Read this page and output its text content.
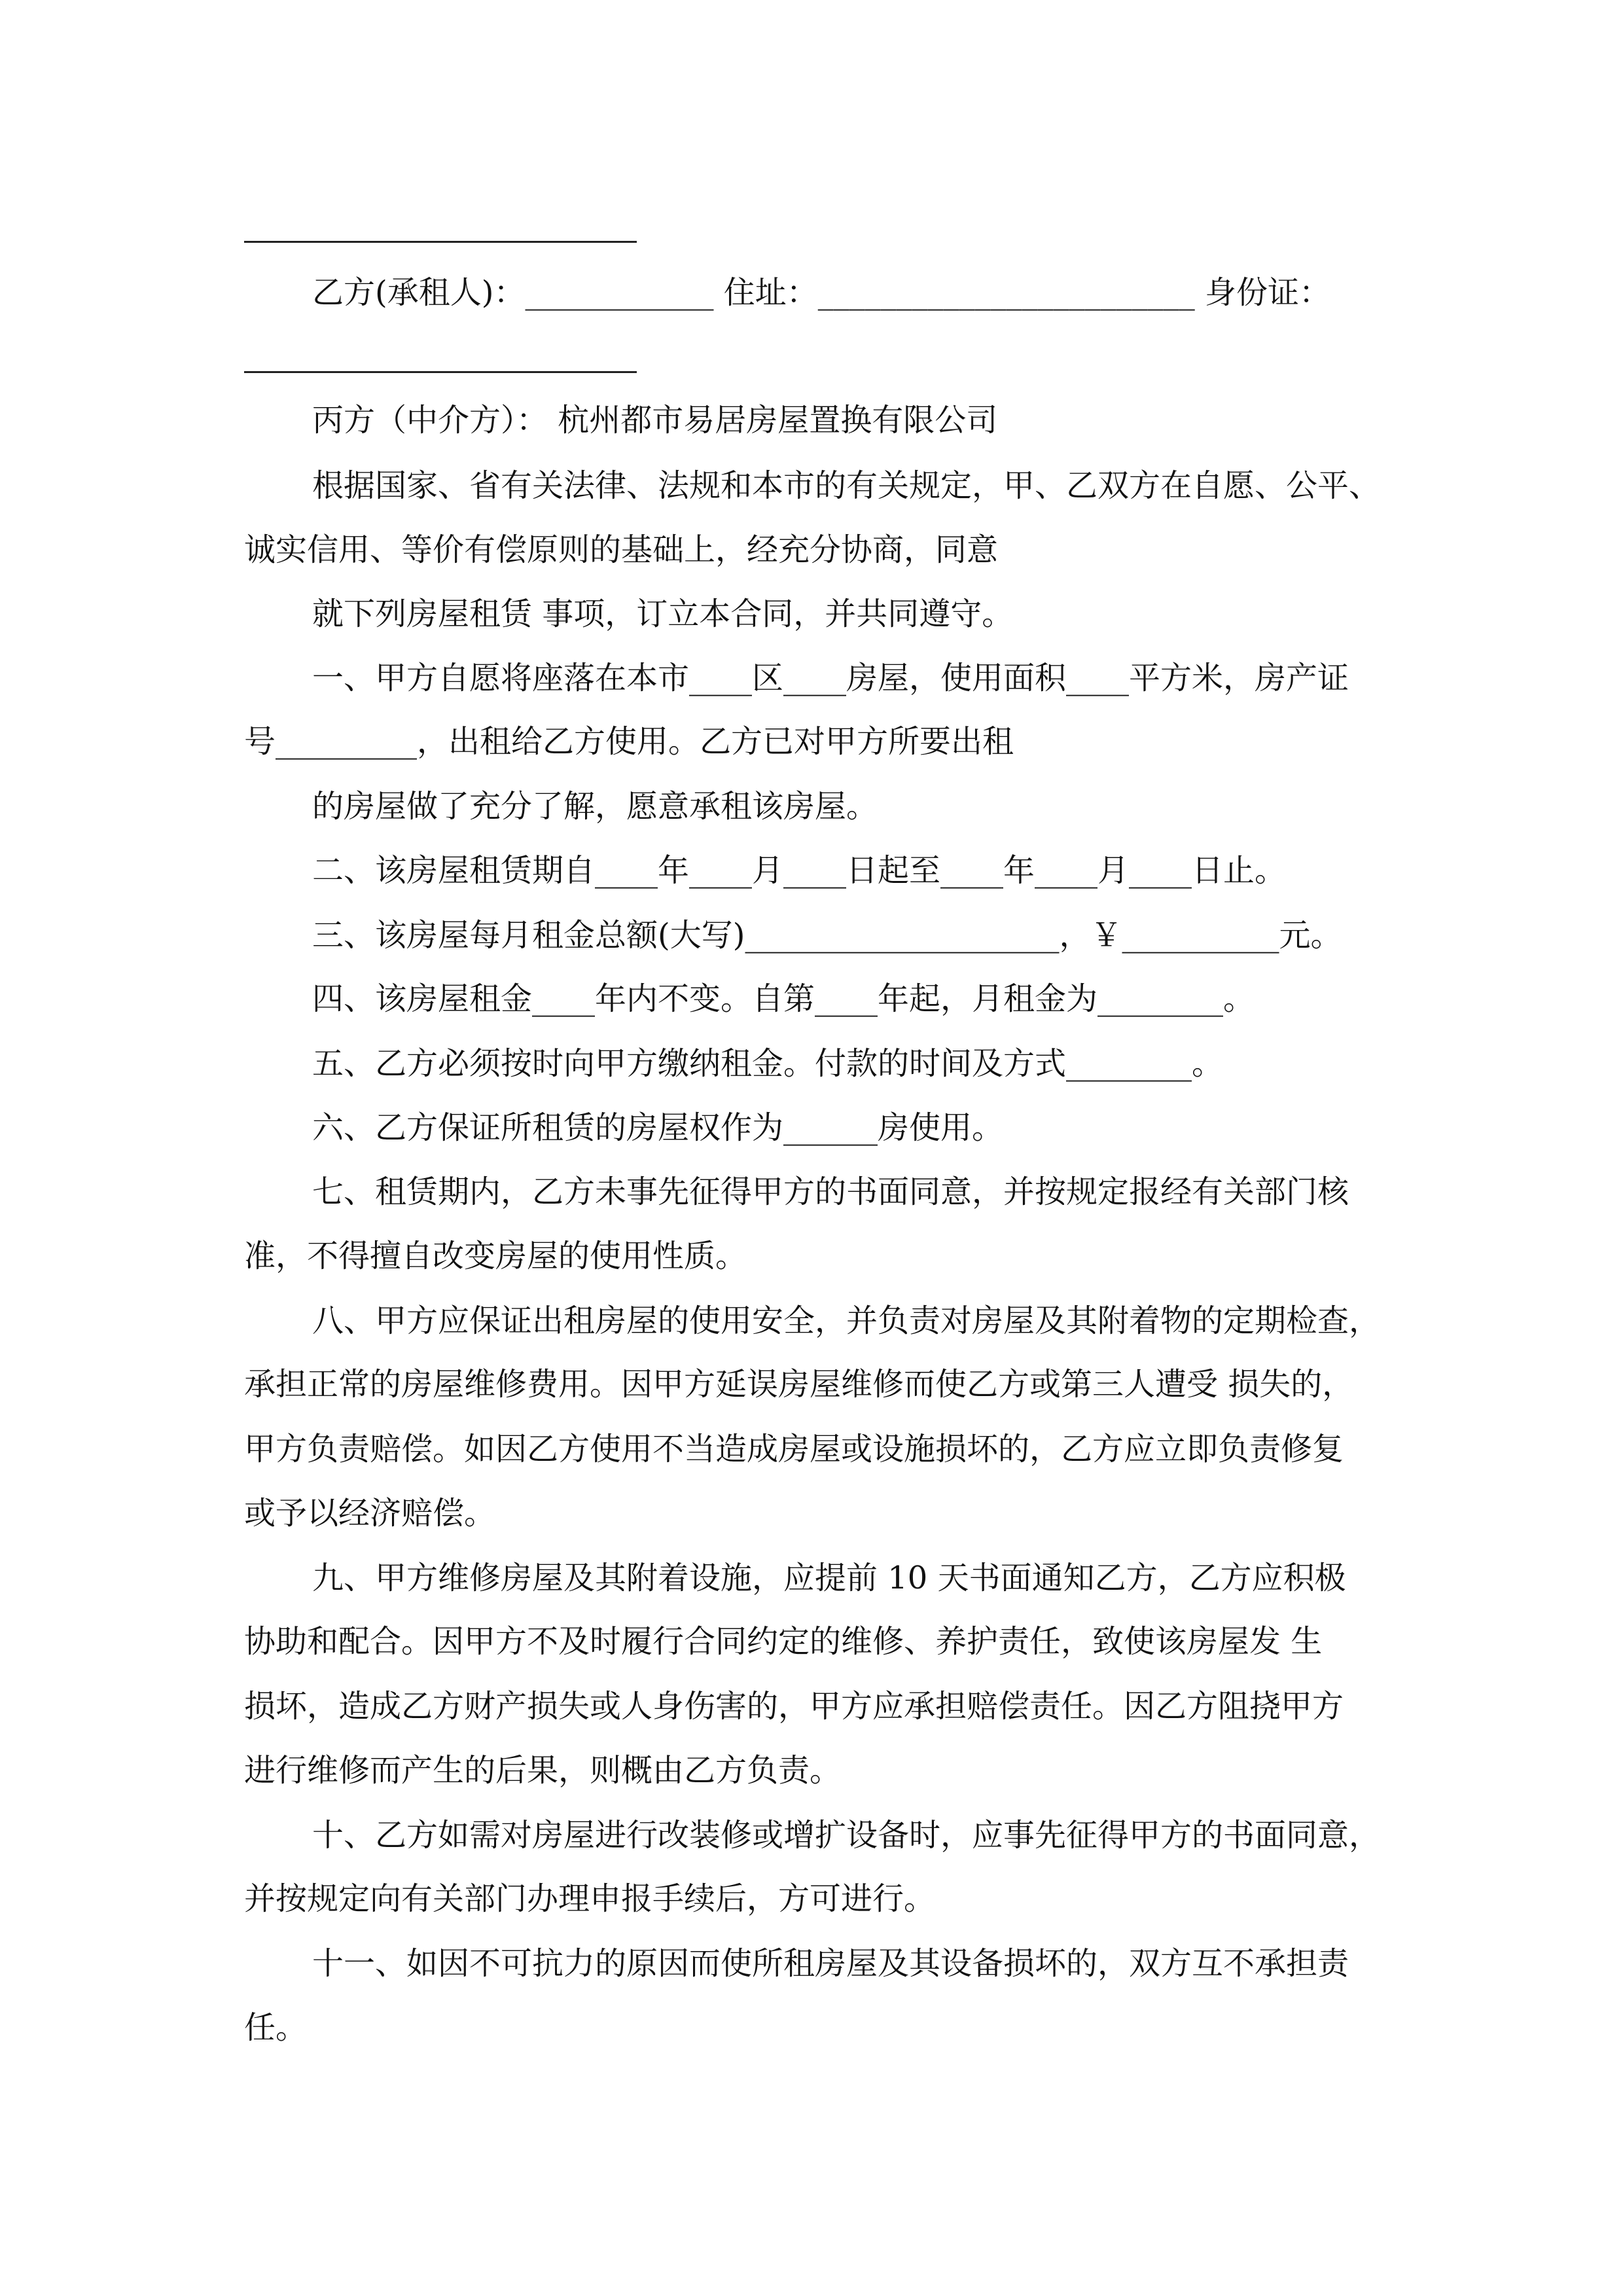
乙方(承租人)：____________ 住址：________________________ 身份证：
丙方（中介方）： 杭州都市易居房屋置换有限公司
根据国家、省有关法律、法规和本市的有关规定，甲、乙双方在自愿、公平、
诚实信用、等价有偿原则的基础上，经充分协商，同意
就下列房屋租赁 事项，订立本合同，并共同遵守。
一、甲方自愿将座落在本市____区____房屋，使用面积____平方米，房产证
号_________，出租给乙方使用。乙方已对甲方所要出租
的房屋做了充分了解，愿意承租该房屋。
二、该房屋租赁期自____年____月____日起至____年____月____日止。
三、该房屋每月租金总额(大写)____________________，￥__________元。
四、该房屋租金____年内不变。自第____年起，月租金为________。
五、乙方必须按时向甲方缴纳租金。付款的时间及方式________。
六、乙方保证所租赁的房屋权作为______房使用。
七、租赁期内，乙方未事先征得甲方的书面同意，并按规定报经有关部门核
准，不得擅自改变房屋的使用性质。
八、甲方应保证出租房屋的使用安全，并负责对房屋及其附着物的定期检查，
承担正常的房屋维修费用。因甲方延误房屋维修而使乙方或第三人遭受 损失的，
甲方负责赔偿。如因乙方使用不当造成房屋或设施损坏的，乙方应立即负责修复
或予以经济赔偿。
九、甲方维修房屋及其附着设施，应提前 10 天书面通知乙方，乙方应积极
协助和配合。因甲方不及时履行合同约定的维修、养护责任，致使该房屋发 生
损坏，造成乙方财产损失或人身伤害的，甲方应承担赔偿责任。因乙方阻挠甲方
进行维修而产生的后果，则概由乙方负责。
十、乙方如需对房屋进行改装修或增扩设备时，应事先征得甲方的书面同意，
并按规定向有关部门办理申报手续后，方可进行。
十一、如因不可抗力的原因而使所租房屋及其设备损坏的，双方互不承担责
任。
